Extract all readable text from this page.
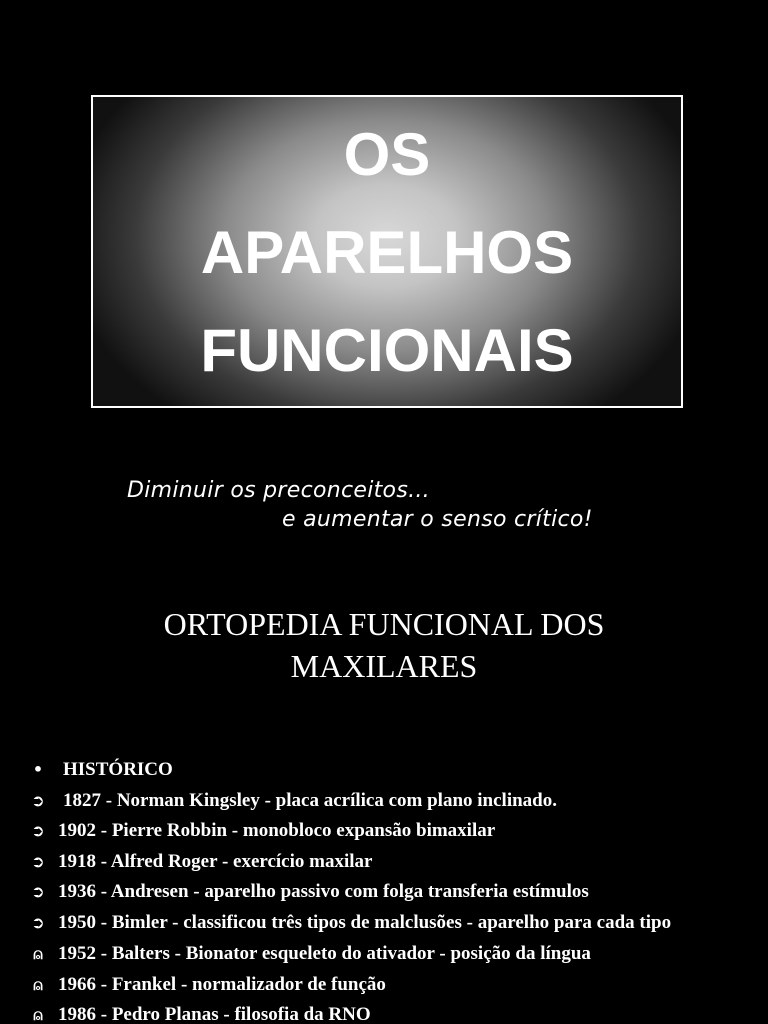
OS
APARELHOS
FUNCIONAIS
Diminuir os preconceitos...
e aumentar o senso crítico!
ORTOPEDIA FUNCIONAL DOS
MAXILARES
• HISTÓRICO
➲ 1827 - Norman Kingsley - placa acrílica com plano inclinado.
➲ 1902 - Pierre Robbin - monobloco expansão bimaxilar
➲ 1918 - Alfred Roger - exercício maxilar
➲ 1936 - Andresen - aparelho passivo com folga transferia estímulos
➲ 1950 - Bimler - classificou três tipos de malclusões - aparelho para cada tipo
⍝ 1952 - Balters - Bionator esqueleto do ativador - posição da língua
⍝ 1966 - Frankel - normalizador de função
⍝ 1986 - Pedro Planas - filosofia da RNO
